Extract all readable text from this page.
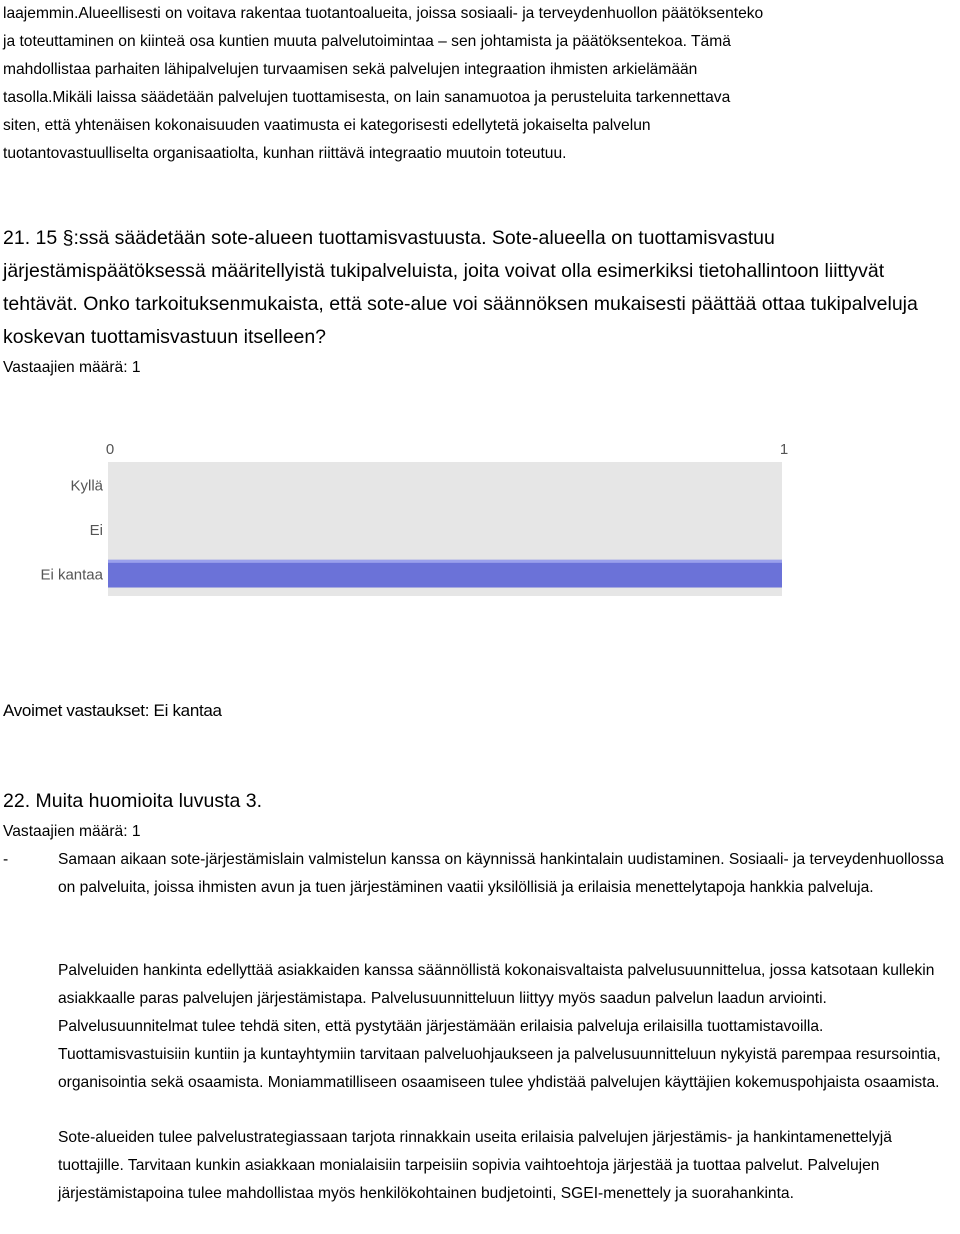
laajemmin.Alueellisesti on voitava rakentaa tuotantoalueita, joissa sosiaali- ja terveydenhuollon päätöksenteko
ja toteuttaminen on kiinteä osa kuntien muuta palvelutoimintaa – sen johtamista ja päätöksentekoa. Tämä
mahdollistaa parhaiten lähipalvelujen turvaamisen sekä palvelujen integraation ihmisten arkielämään
tasolla.Mikäli laissa säädetään palvelujen tuottamisesta, on lain sanamuotoa ja perusteluita tarkennettava
siten, että yhtenäisen kokonaisuuden vaatimusta ei kategorisesti edellytetä jokaiselta palvelun
tuotantovastuulliselta organisaatiolta, kunhan riittävä integraatio muutoin toteutuu.

21. 15 §:ssä säädetään sote-alueen tuottamisvastuusta. Sote-alueella on tuottamisvastuu järjestämispäätöksessä määritellyistä tukipalveluista, joita voivat olla esimerkiksi tietohallintoon liittyvät tehtävät. Onko tarkoituksenmukaista, että sote-alue voi säännöksen mukaisesti päättää ottaa tukipalveluja koskevan tuottamisvastuun itselleen?

Vastaajien määrä: 1

0	1
Kyllä
Ei
Ei kantaa

Avoimet vastaukset: Ei kantaa

22. Muita huomioita luvusta 3.

Vastaajien määrä: 1

-	Samaan aikaan sote-järjestämislain valmistelun kanssa on käynnissä hankintalain uudistaminen. Sosiaali- ja terveydenhuollossa on palveluita, joissa ihmisten avun ja tuen järjestäminen vaatii yksilöllisiä ja erilaisia menettelytapoja hankkia palveluja.

Palveluiden hankinta edellyttää asiakkaiden kanssa säännöllistä kokonaisvaltaista palvelusuunnittelua, jossa katsotaan kullekin asiakkaalle paras palvelujen järjestämistapa. Palvelusuunnitteluun liittyy myös saadun palvelun laadun arviointi. Palvelusuunnitelmat tulee tehdä siten, että pystytään järjestämään erilaisia palveluja erilaisilla tuottamistavoilla. Tuottamisvastuisiin kuntiin ja kuntayhtymiin tarvitaan palveluohjaukseen ja palvelusuunnitteluun nykyistä parempaa resursointia, organisointia sekä osaamista. Moniammatilliseen osaamiseen tulee yhdistää palvelujen käyttäjien kokemuspohjaista osaamista.

Sote-alueiden tulee palvelustrategiassaan tarjota rinnakkain useita erilaisia palvelujen järjestämis- ja hankintamenettelyjä tuottajille. Tarvitaan kunkin asiakkaan monialaisiin tarpeisiin sopivia vaihtoehtoja järjestää ja tuottaa palvelut. Palvelujen järjestämistapoina tulee mahdollistaa myös henkilökohtainen budjetointi, SGEI-menettely ja suorahankinta.
